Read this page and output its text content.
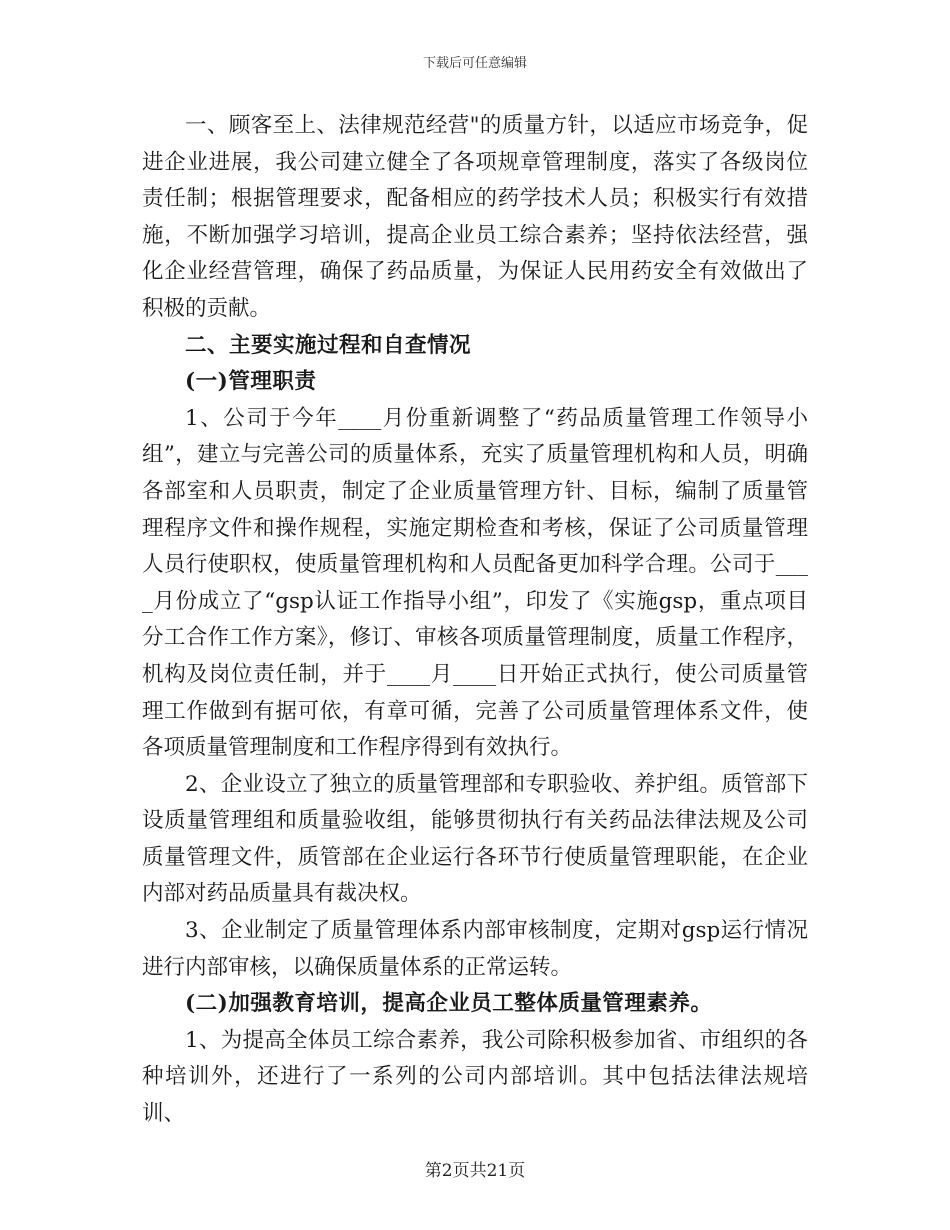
下载后可任意编辑

一、顾客至上、法律规范经营"的质量方针，以适应市场竞争，促进企业进展，我公司建立健全了各项规章管理制度，落实了各级岗位责任制；根据管理要求，配备相应的药学技术人员；积极实行有效措施，不断加强学习培训，提高企业员工综合素养；坚持依法经营，强化企业经营管理，确保了药品质量，为保证人民用药安全有效做出了积极的贡献。

二、主要实施过程和自查情况

(一)管理职责

1、公司于今年____月份重新调整了“药品质量管理工作领导小组”，建立与完善公司的质量体系，充实了质量管理机构和人员，明确各部室和人员职责，制定了企业质量管理方针、目标，编制了质量管理程序文件和操作规程，实施定期检查和考核，保证了公司质量管理人员行使职权，使质量管理机构和人员配备更加科学合理。公司于____月份成立了“gsp认证工作指导小组”，印发了《实施gsp，重点项目分工合作工作方案》，修订、审核各项质量管理制度，质量工作程序，机构及岗位责任制，并于____月____日开始正式执行，使公司质量管理工作做到有据可依，有章可循，完善了公司质量管理体系文件，使各项质量管理制度和工作程序得到有效执行。

2、企业设立了独立的质量管理部和专职验收、养护组。质管部下设质量管理组和质量验收组，能够贯彻执行有关药品法律法规及公司质量管理文件，质管部在企业运行各环节行使质量管理职能，在企业内部对药品质量具有裁决权。

3、企业制定了质量管理体系内部审核制度，定期对gsp运行情况进行内部审核，以确保质量体系的正常运转。

(二)加强教育培训，提高企业员工整体质量管理素养。

1、为提高全体员工综合素养，我公司除积极参加省、市组织的各种培训外，还进行了一系列的公司内部培训。其中包括法律法规培训、

第2页共21页
